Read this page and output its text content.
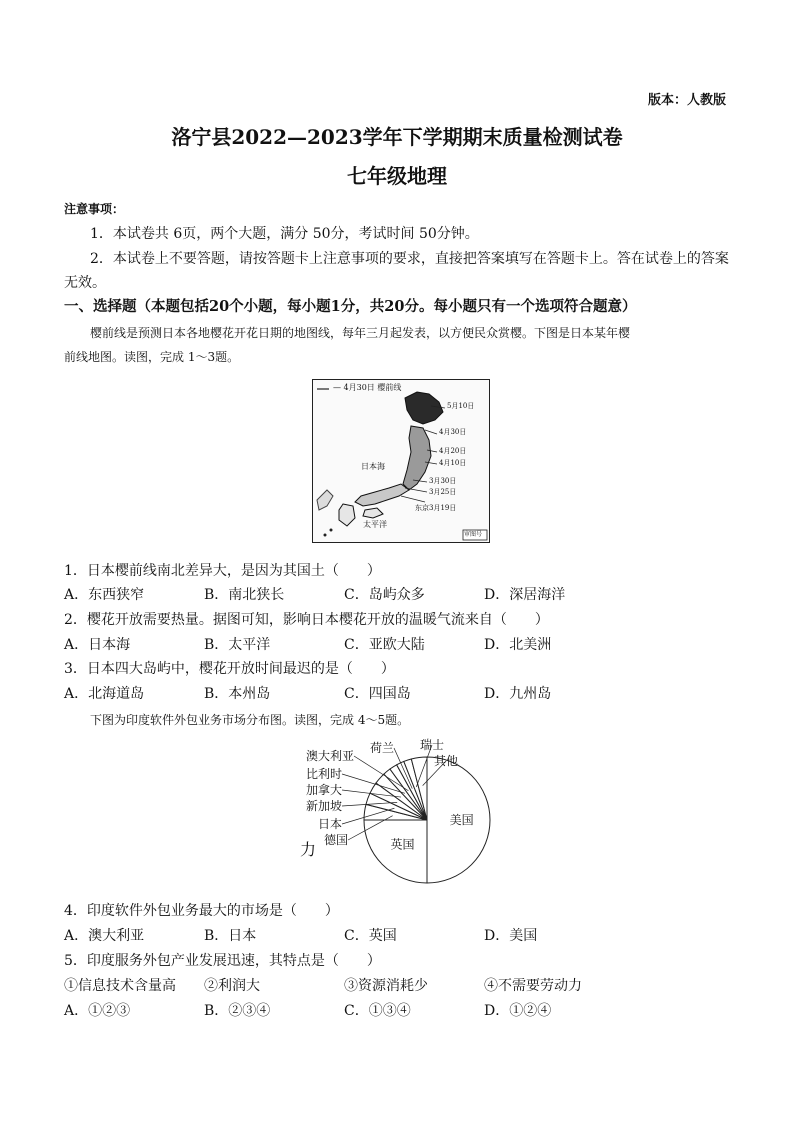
版本：人教版
洛宁县2022—2023学年下学期期末质量检测试卷
七年级地理
注意事项：
1．本试卷共 6页，两个大题，满分 50分，考试时间 50分钟。
2．本试卷上不要答题，请按答题卡上注意事项的要求，直接把答案填写在答题卡上。答在试卷上的答案
无效。
一、选择题（本题包括20个小题，每小题1分，共20分。每小题只有一个选项符合题意）
樱前线是预测日本各地樱花开花日期的地图线，每年三月起发表，以方便民众赏樱。下图是日本某年樱
前线地图。读图，完成 1～3题。
— 4月30日 樱前线
5月10日
4月30日
4月20日
4月10日
3月30日
3月25日
东京3月19日
日本海
太平洋
审图号
1．日本樱前线南北差异大，是因为其国土（　　）
A．东西狭窄	B．南北狭长	C．岛屿众多	D．深居海洋
2．樱花开放需要热量。据图可知，影响日本樱花开放的温暖气流来自（　　）
A．日本海	B．太平洋	C．亚欧大陆	D．北美洲
3．日本四大岛屿中，樱花开放时间最迟的是（　　）
A．北海道岛	B．本州岛	C．四国岛	D．九州岛
下图为印度软件外包业务市场分布图。读图，完成 4～5题。
美国
英国
德国
日本
新加坡
加拿大
比利时
澳大利亚
荷兰 瑞士
其他
力
4．印度软件外包业务最大的市场是（　　）
A．澳大利亚	B．日本	C．英国	D．美国
5．印度服务外包产业发展迅速，其特点是（　　）
①信息技术含量高 ②利润大	③资源消耗少	④不需要劳动力
A．①②③	B．②③④	C．①③④	D．①②④
